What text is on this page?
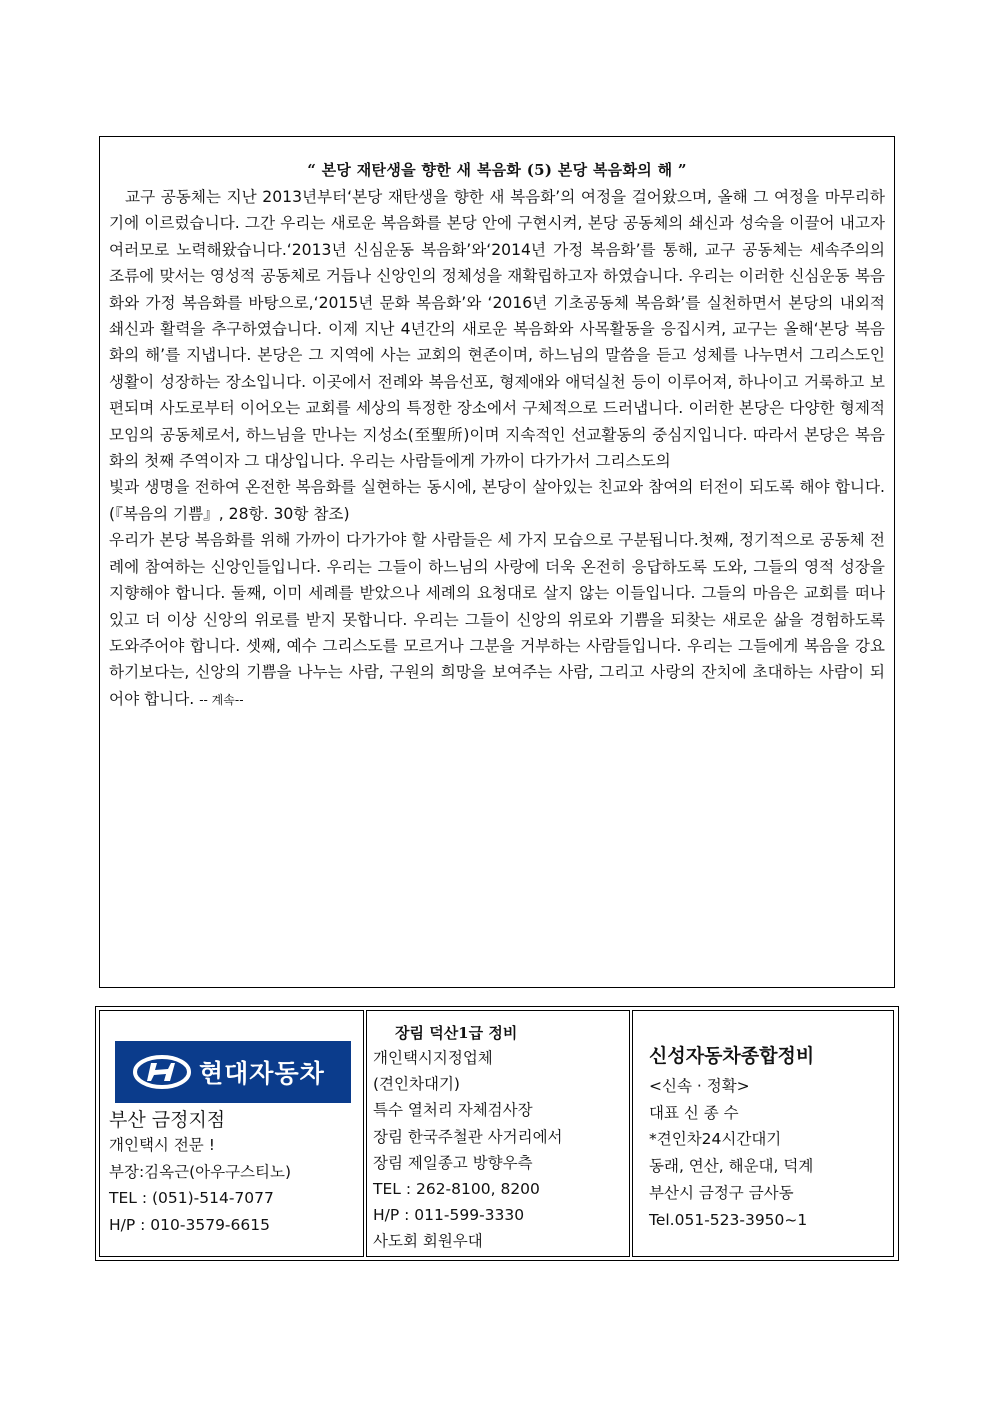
“ 본당 재탄생을 향한 새 복음화 (5) 본당 복음화의 해 ”

교구 공동체는 지난 2013년부터‘본당 재탄생을 향한 새 복음화’의 여정을 걸어왔으며, 올해 그 여정을 마무리하기에 이르렀습니다. 그간 우리는 새로운 복음화를 본당 안에 구현시켜, 본당 공동체의 쇄신과 성숙을 이끌어 내고자 여러모로 노력해왔습니다.‘2013년 신심운동 복음화’와‘2014년 가정 복음화’를 통해, 교구 공동체는 세속주의의 조류에 맞서는 영성적 공동체로 거듭나 신앙인의 정체성을 재확립하고자 하였습니다. 우리는 이러한 신심운동 복음화와 가정 복음화를 바탕으로,‘2015년 문화 복음화’와 ‘2016년 기초공동체 복음화’를 실천하면서 본당의 내외적 쇄신과 활력을 추구하였습니다. 이제 지난 4년간의 새로운 복음화와 사목활동을 응집시켜, 교구는 올해‘본당 복음화의 해’를 지냅니다. 본당은 그 지역에 사는 교회의 현존이며, 하느님의 말씀을 듣고 성체를 나누면서 그리스도인 생활이 성장하는 장소입니다. 이곳에서 전례와 복음선포, 형제애와 애덕실천 등이 이루어져, 하나이고 거룩하고 보편되며 사도로부터 이어오는 교회를 세상의 특정한 장소에서 구체적으로 드러냅니다. 이러한 본당은 다양한 형제적 모임의 공동체로서, 하느님을 만나는 지성소(至聖所)이며 지속적인 선교활동의 중심지입니다. 따라서 본당은 복음화의 첫째 주역이자 그 대상입니다. 우리는 사람들에게 가까이 다가가서 그리스도의

빛과 생명을 전하여 온전한 복음화를 실현하는 동시에, 본당이 살아있는 친교와 참여의 터전이 되도록 해야 합니다.(『복음의 기쁨』, 28항. 30항 참조)

우리가 본당 복음화를 위해 가까이 다가가야 할 사람들은 세 가지 모습으로 구분됩니다.첫째, 정기적으로 공동체 전례에 참여하는 신앙인들입니다. 우리는 그들이 하느님의 사랑에 더욱 온전히 응답하도록 도와, 그들의 영적 성장을 지향해야 합니다. 둘째, 이미 세례를 받았으나 세례의 요청대로 살지 않는 이들입니다. 그들의 마음은 교회를 떠나 있고 더 이상 신앙의 위로를 받지 못합니다. 우리는 그들이 신앙의 위로와 기쁨을 되찾는 새로운 삶을 경험하도록 도와주어야 합니다. 셋째, 예수 그리스도를 모르거나 그분을 거부하는 사람들입니다. 우리는 그들에게 복음을 강요하기보다는, 신앙의 기쁨을 나누는 사람, 구원의 희망을 보여주는 사람, 그리고 사랑의 잔치에 초대하는 사람이 되어야 합니다. -- 계속--

현대자동차
부산 금정지점
개인택시 전문 !
부장:김옥근(아우구스티노)
TEL : (051)-514-7077
H/P : 010-3579-6615
장림 덕산1급 정비
개인택시지정업체
(견인차대기)
특수 열처리 자체검사장
장림 한국주철관 사거리에서
장림 제일종고 방향우측
TEL : 262-8100, 8200
H/P : 011-599-3330
사도회 회원우대
신성자동차종합정비
<신속 · 정확>
대표 신 종 수
*견인차24시간대기
동래, 연산, 해운대, 덕계
부산시 금정구 금사동
Tel.051-523-3950~1
